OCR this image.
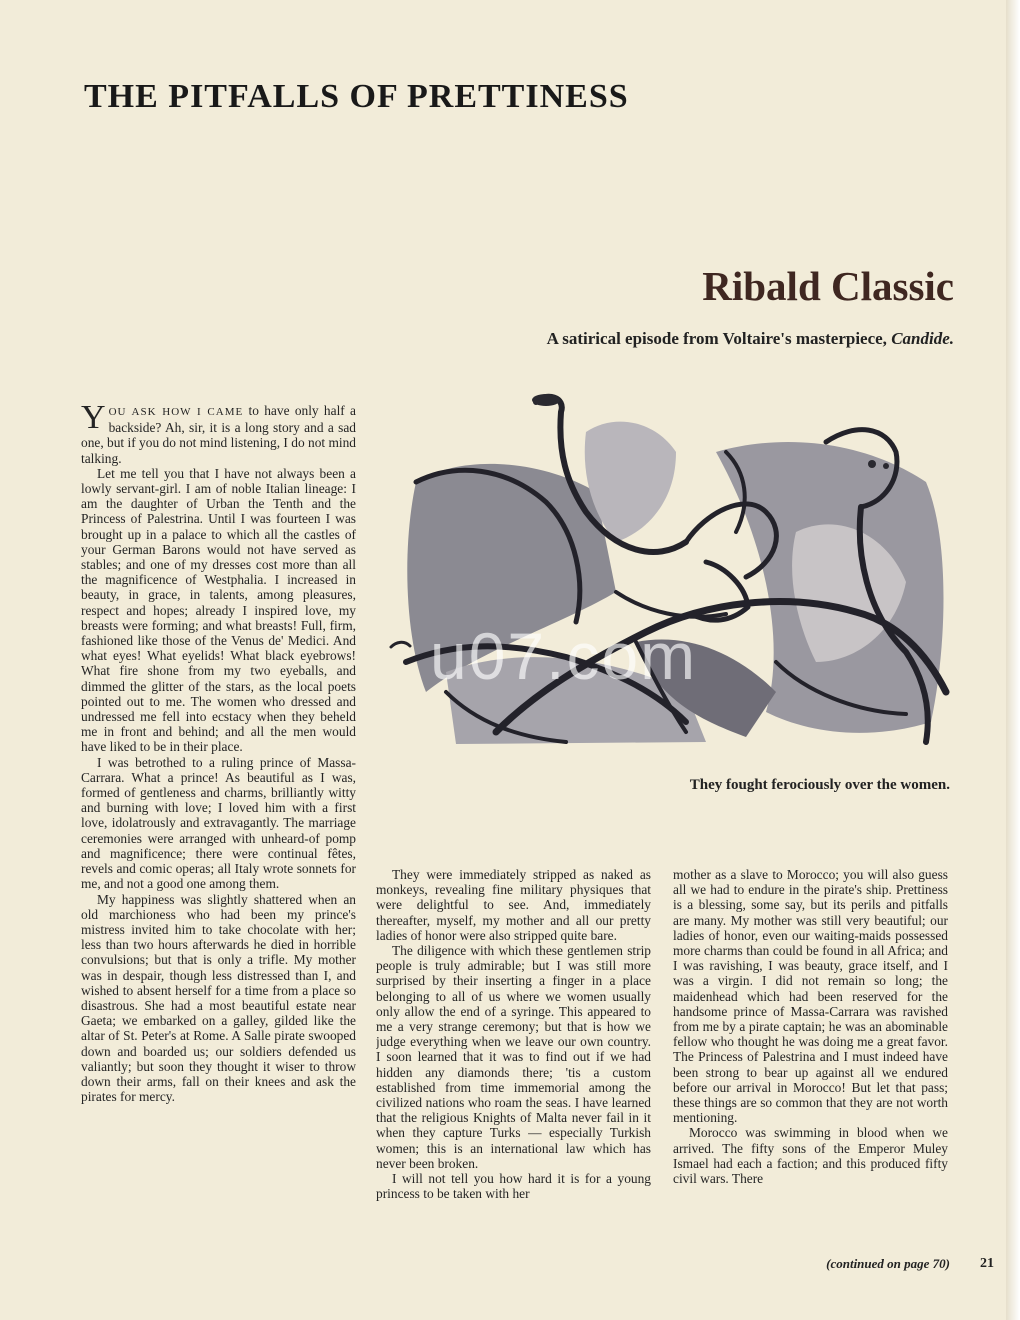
THE PITFALLS OF PRETTINESS
Ribald Classic
A satirical episode from Voltaire's masterpiece, Candide.
u07.com
They fought ferociously over the women.

YOU ASK HOW I CAME to have only half a backside? Ah, sir, it is a long story and a sad one, but if you do not mind listening, I do not mind talking.

Let me tell you that I have not always been a lowly servant-girl. I am of noble Italian lineage: I am the daughter of Urban the Tenth and the Princess of Palestrina. Until I was fourteen I was brought up in a palace to which all the castles of your German Barons would not have served as stables; and one of my dresses cost more than all the magnificence of Westphalia. I increased in beauty, in grace, in talents, among pleasures, respect and hopes; already I inspired love, my breasts were forming; and what breasts! Full, firm, fashioned like those of the Venus de' Medici. And what eyes! What eyelids! What black eyebrows! What fire shone from my two eyeballs, and dimmed the glitter of the stars, as the local poets pointed out to me. The women who dressed and undressed me fell into ecstacy when they beheld me in front and behind; and all the men would have liked to be in their place.

I was betrothed to a ruling prince of Massa-Carrara. What a prince! As beautiful as I was, formed of gentleness and charms, brilliantly witty and burning with love; I loved him with a first love, idolatrously and extravagantly. The marriage ceremonies were arranged with unheard-of pomp and magnificence; there were continual fêtes, revels and comic operas; all Italy wrote sonnets for me, and not a good one among them.

My happiness was slightly shattered when an old marchioness who had been my prince's mistress invited him to take chocolate with her; less than two hours afterwards he died in horrible convulsions; but that is only a trifle. My mother was in despair, though less distressed than I, and wished to absent herself for a time from a place so disastrous. She had a most beautiful estate near Gaeta; we embarked on a galley, gilded like the altar of St. Peter's at Rome. A Salle pirate swooped down and boarded us; our soldiers defended us valiantly; but soon they thought it wiser to throw down their arms, fall on their knees and ask the pirates for mercy.

They were immediately stripped as naked as monkeys, revealing fine military physiques that were delightful to see. And, immediately thereafter, myself, my mother and all our pretty ladies of honor were also stripped quite bare.

The diligence with which these gentlemen strip people is truly admirable; but I was still more surprised by their inserting a finger in a place belonging to all of us where we women usually only allow the end of a syringe. This appeared to me a very strange ceremony; but that is how we judge everything when we leave our own country. I soon learned that it was to find out if we had hidden any diamonds there; 'tis a custom established from time immemorial among the civilized nations who roam the seas. I have learned that the religious Knights of Malta never fail in it when they capture Turks — especially Turkish women; this is an international law which has never been broken.

I will not tell you how hard it is for a young princess to be taken with her

mother as a slave to Morocco; you will also guess all we had to endure in the pirate's ship. Prettiness is a blessing, some say, but its perils and pitfalls are many. My mother was still very beautiful; our ladies of honor, even our waiting-maids possessed more charms than could be found in all Africa; and I was ravishing, I was beauty, grace itself, and I was a virgin. I did not remain so long; the maidenhead which had been reserved for the handsome prince of Massa-Carrara was ravished from me by a pirate captain; he was an abominable fellow who thought he was doing me a great favor. The Princess of Palestrina and I must indeed have been strong to bear up against all we endured before our arrival in Morocco! But let that pass; these things are so common that they are not worth mentioning.

Morocco was swimming in blood when we arrived. The fifty sons of the Emperor Muley Ismael had each a faction; and this produced fifty civil wars. There

(continued on page 70) 21
